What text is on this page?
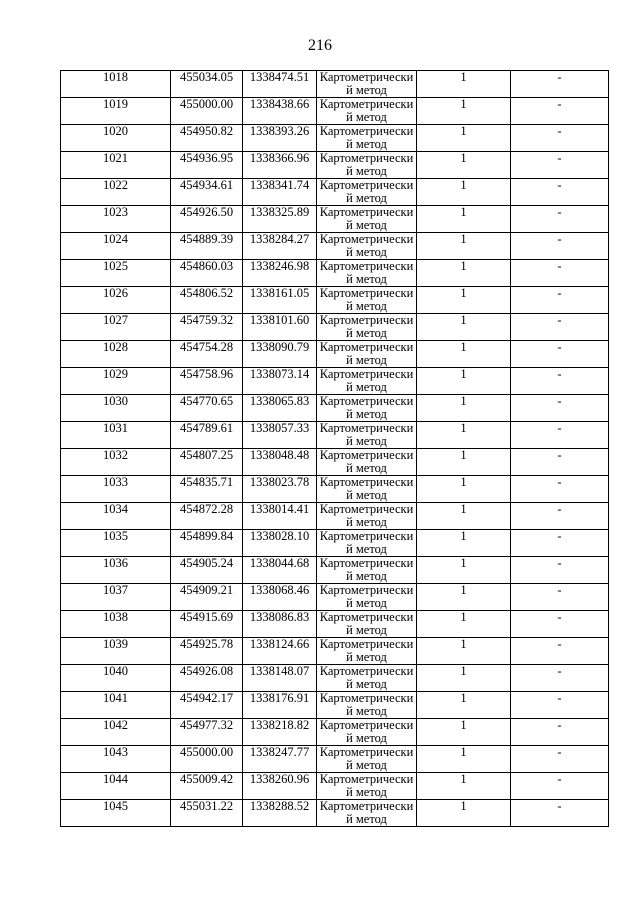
216
1018	455034.05	1338474.51	Картометрически
й метод	1	-
1019	455000.00	1338438.66	Картометрически
й метод	1	-
1020	454950.82	1338393.26	Картометрически
й метод	1	-
1021	454936.95	1338366.96	Картометрически
й метод	1	-
1022	454934.61	1338341.74	Картометрически
й метод	1	-
1023	454926.50	1338325.89	Картометрически
й метод	1	-
1024	454889.39	1338284.27	Картометрически
й метод	1	-
1025	454860.03	1338246.98	Картометрически
й метод	1	-
1026	454806.52	1338161.05	Картометрически
й метод	1	-
1027	454759.32	1338101.60	Картометрически
й метод	1	-
1028	454754.28	1338090.79	Картометрически
й метод	1	-
1029	454758.96	1338073.14	Картометрически
й метод	1	-
1030	454770.65	1338065.83	Картометрически
й метод	1	-
1031	454789.61	1338057.33	Картометрически
й метод	1	-
1032	454807.25	1338048.48	Картометрически
й метод	1	-
1033	454835.71	1338023.78	Картометрически
й метод	1	-
1034	454872.28	1338014.41	Картометрически
й метод	1	-
1035	454899.84	1338028.10	Картометрически
й метод	1	-
1036	454905.24	1338044.68	Картометрически
й метод	1	-
1037	454909.21	1338068.46	Картометрически
й метод	1	-
1038	454915.69	1338086.83	Картометрически
й метод	1	-
1039	454925.78	1338124.66	Картометрически
й метод	1	-
1040	454926.08	1338148.07	Картометрически
й метод	1	-
1041	454942.17	1338176.91	Картометрически
й метод	1	-
1042	454977.32	1338218.82	Картометрически
й метод	1	-
1043	455000.00	1338247.77	Картометрически
й метод	1	-
1044	455009.42	1338260.96	Картометрически
й метод	1	-
1045	455031.22	1338288.52	Картометрически
й метод	1	-
